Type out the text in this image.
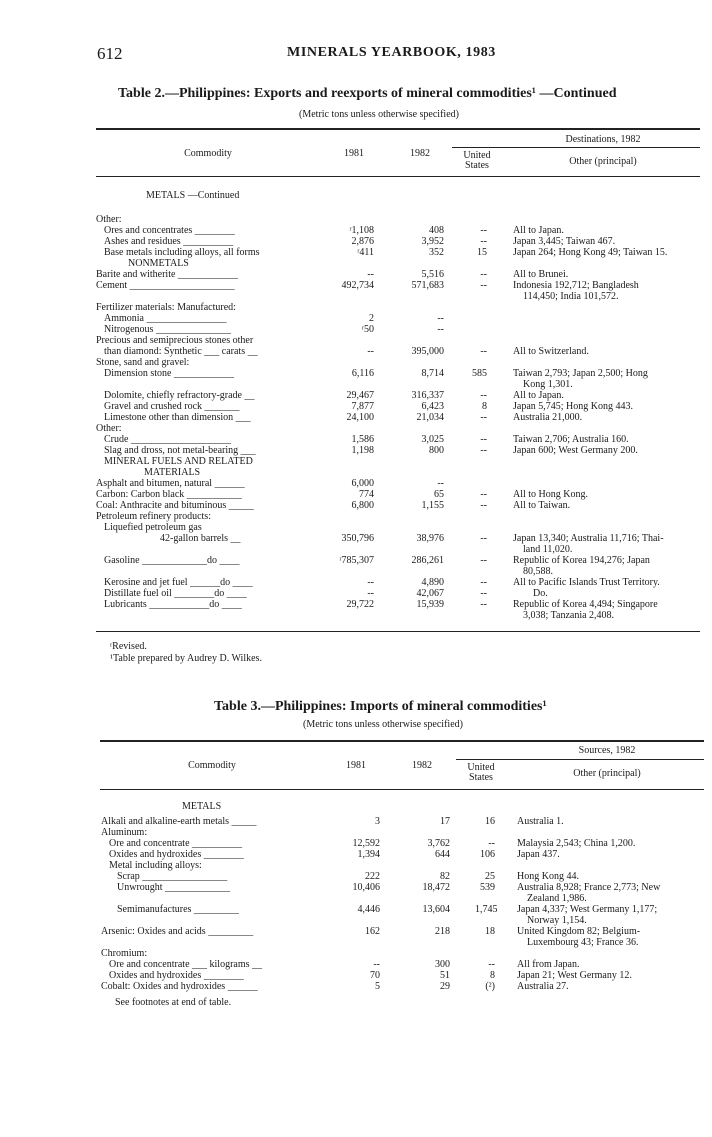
612	MINERALS YEARBOOK, 1983
Table 2.—Philippines: Exports and reexports of mineral commodities¹ —Continued
(Metric tons unless otherwise specified)
Destinations, 1982
Commodity	1981	1982	United States	Other (principal)
METALS —Continued
Other:
Ores and concentrates ________	ʳ1,108	408	--	All to Japan.
Ashes and residues __________	2,876	3,952	--	Japan 3,445; Taiwan 467.
Base metals including alloys, all forms	ʳ411	352	15	Japan 264; Hong Kong 49; Taiwan 15.
NONMETALS
Barite and witherite ____________	--	5,516	--	All to Brunei.
Cement _____________________	492,734	571,683	--	Indonesia 192,712; Bangladesh
114,450; India 101,572.
Fertilizer materials: Manufactured:
Ammonia ________________	2	--
Nitrogenous _______________	ʳ50	--
Precious and semiprecious stones other
than diamond: Synthetic ___ carats __	--	395,000	--	All to Switzerland.
Stone, sand and gravel:
Dimension stone ____________	6,116	8,714	585	Taiwan 2,793; Japan 2,500; Hong
Kong 1,301.
Dolomite, chiefly refractory-grade __	29,467	316,337	--	All to Japan.
Gravel and crushed rock _______	7,877	6,423	8	Japan 5,745; Hong Kong 443.
Limestone other than dimension ___	24,100	21,034	--	Australia 21,000.
Other:
Crude ____________________	1,586	3,025	--	Taiwan 2,706; Australia 160.
Slag and dross, not metal-bearing ___	1,198	800	--	Japan 600; West Germany 200.
MINERAL FUELS AND RELATED
MATERIALS
Asphalt and bitumen, natural ______	6,000	--
Carbon: Carbon black ___________	774	65	--	All to Hong Kong.
Coal: Anthracite and bituminous _____	6,800	1,155	--	All to Taiwan.
Petroleum refinery products:
Liquefied petroleum gas
42-gallon barrels __	350,796	38,976	--	Japan 13,340; Australia 11,716; Thai-
land 11,020.
Gasoline _____________do ____	ʳ785,307	286,261	--	Republic of Korea 194,276; Japan
80,588.
Kerosine and jet fuel ______do ____	--	4,890	--	All to Pacific Islands Trust Territory.
Distillate fuel oil ________do ____	--	42,067	--	Do.
Lubricants ____________do ____	29,722	15,939	--	Republic of Korea 4,494; Singapore
3,038; Tanzania 2,408.
ʳRevised.
¹Table prepared by Audrey D. Wilkes.
Table 3.—Philippines: Imports of mineral commodities¹
(Metric tons unless otherwise specified)
Sources, 1982
Commodity	1981	1982	United States	Other (principal)
METALS
Alkali and alkaline-earth metals _____	3	17	16 Australia 1.
Aluminum:
Ore and concentrate __________	12,592	3,762	-- Malaysia 2,543; China 1,200.
Oxides and hydroxides ________	1,394	644	106 Japan 437.
Metal including alloys:
Scrap _________________	222	82	25 Hong Kong 44.
Unwrought _____________	10,406	18,472	539 Australia 8,928; France 2,773; New
Zealand 1,986.
Semimanufactures _________	4,446	13,604	1,745 Japan 4,337; West Germany 1,177;
Norway 1,154.
Arsenic: Oxides and acids _________	162	218	18 United Kingdom 82; Belgium-
Luxembourg 43; France 36.
Chromium:
Ore and concentrate ___ kilograms __	--	300	-- All from Japan.
Oxides and hydroxides ________	70	51	8 Japan 21; West Germany 12.
Cobalt: Oxides and hydroxides ______	5	29	(²) Australia 27.
See footnotes at end of table.
